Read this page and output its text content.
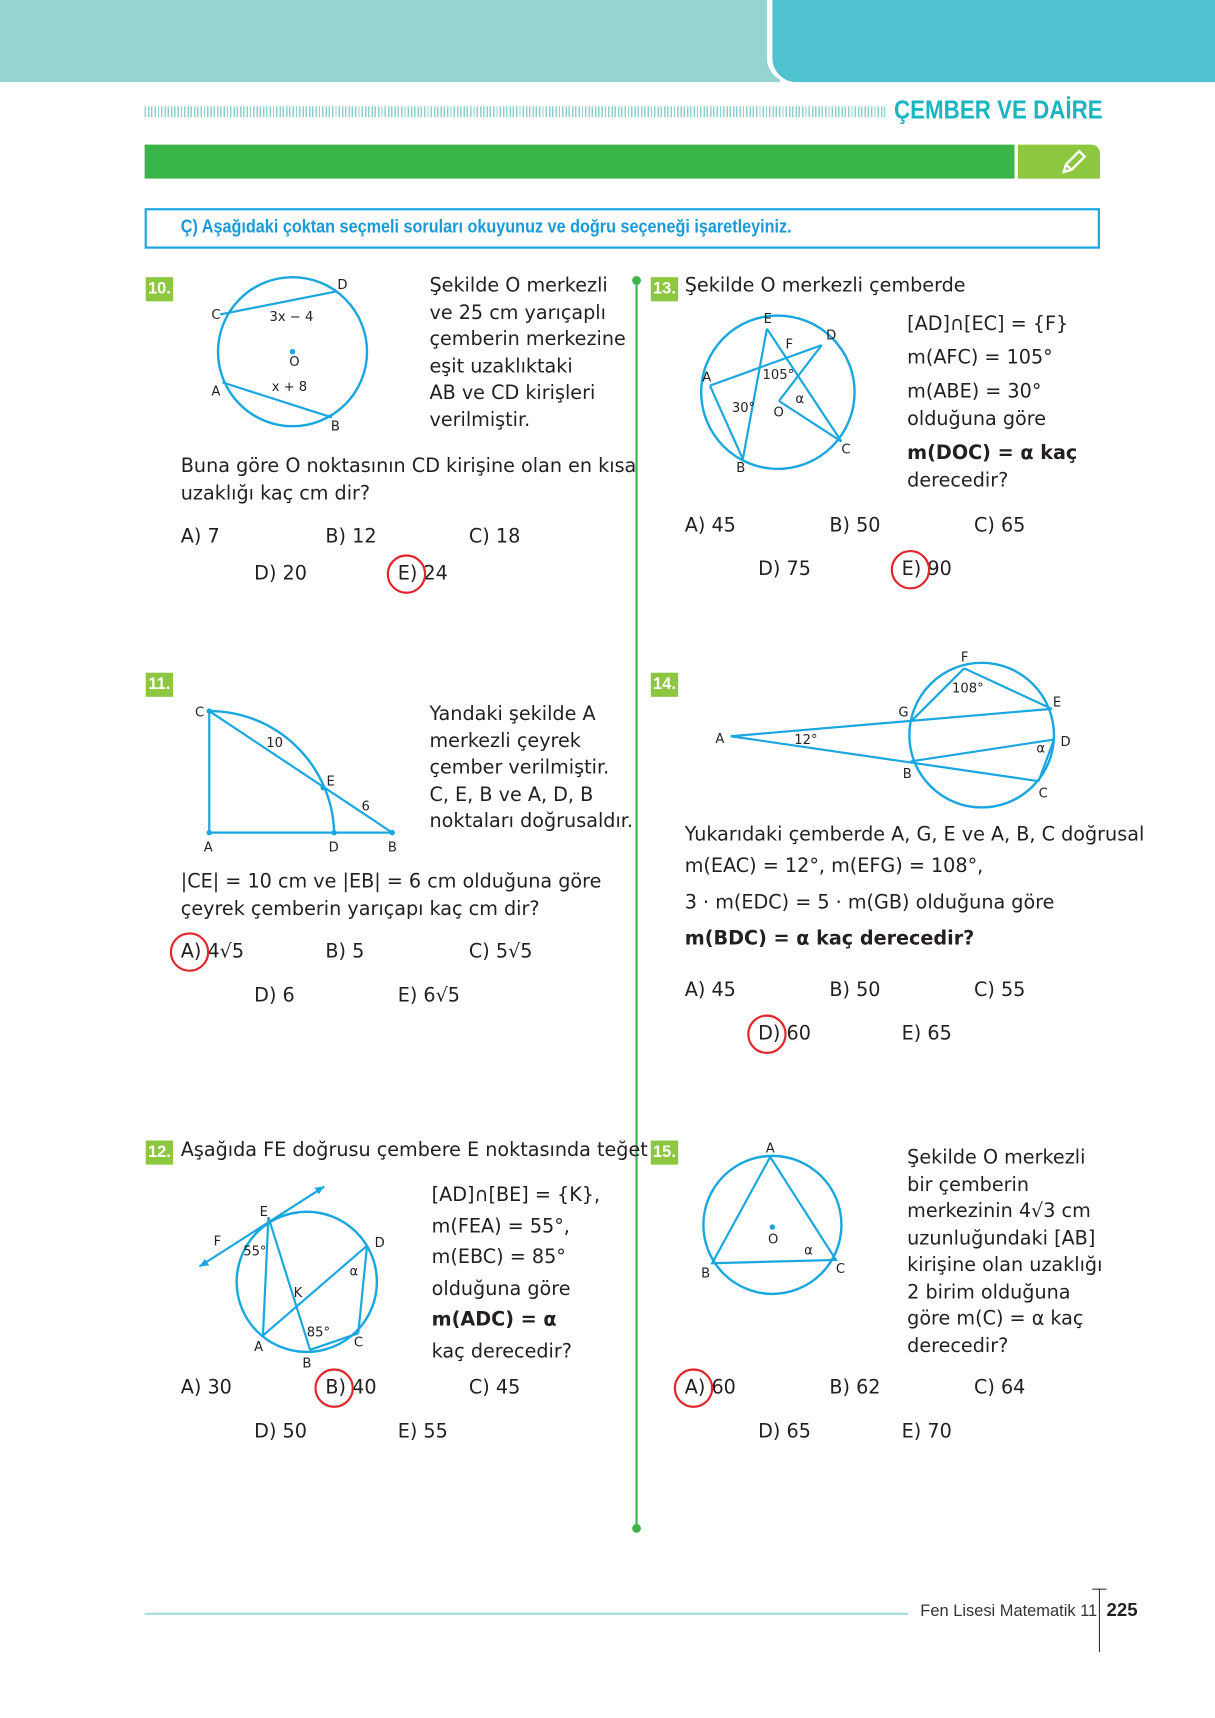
ÇEMBER VE DAİRE
Ç) Aşağıdaki çoktan seçmeli soruları okuyunuz ve doğru seçeneği işaretleyiniz.
10.
C
D
A
B
O
3x − 4
x + 8
Şekilde O merkezli
ve 25 cm yarıçaplı
çemberin merkezine
eşit uzaklıktaki
AB ve CD kirişleri
verilmiştir.
Buna göre O noktasının CD kirişine olan en kısa
uzaklığı kaç cm dir?
A) 7	B) 12	C) 18
D) 20	E) 24
11.
C
A	D	B
E
10
6
Yandaki şekilde A
merkezli çeyrek
çember verilmiştir.
C, E, B ve A, D, B
noktaları doğrusaldır.
|CE| = 10 cm ve |EB| = 6 cm olduğuna göre
çeyrek çemberin yarıçapı kaç cm dir?
A) 4√5	B) 5	C) 5√5
D) 6	E) 6√5
12. Aşağıda FE doğrusu çembere E noktasında teğet
E
F	D
K
A
B
C
α
55°
85°
[AD]∩[BE] = {K},
m(FEA) = 55°,
m(EBC) = 85°
olduğuna göre
m(ADC) = α
kaç derecedir?
A) 30	B) 40	C) 45
D) 50	E) 55
13. Şekilde O merkezli çemberde
E
D
F
A
O
B
C
α
105°
30°
[AD]∩[EC] = {F}
m(AFC) = 105°
m(ABE) = 30°
olduğuna göre
m(DOC) = α kaç
derecedir?
A) 45	B) 50	C) 65
D) 75	E) 90
14.
F
G
E
A	D
B
C
α
12°
108°
Yukarıdaki çemberde A, G, E ve A, B, C doğrusal
m(EAC) = 12°, m(EFG) = 108°,
3 · m(EDC) = 5 · m(GB) olduğuna göre
m(BDC) = α kaç derecedir?
A) 45	B) 50	C) 55
D) 60	E) 65
15.	A
O
B	C
α
Şekilde O merkezli
bir çemberin
merkezinin 4√3 cm
uzunluğundaki [AB]
kirişine olan uzaklığı
2 birim olduğuna
göre m(C) = α kaç
derecedir?
A) 60	B) 62	C) 64
D) 65	E) 70
Fen Lisesi Matematik 11 225
